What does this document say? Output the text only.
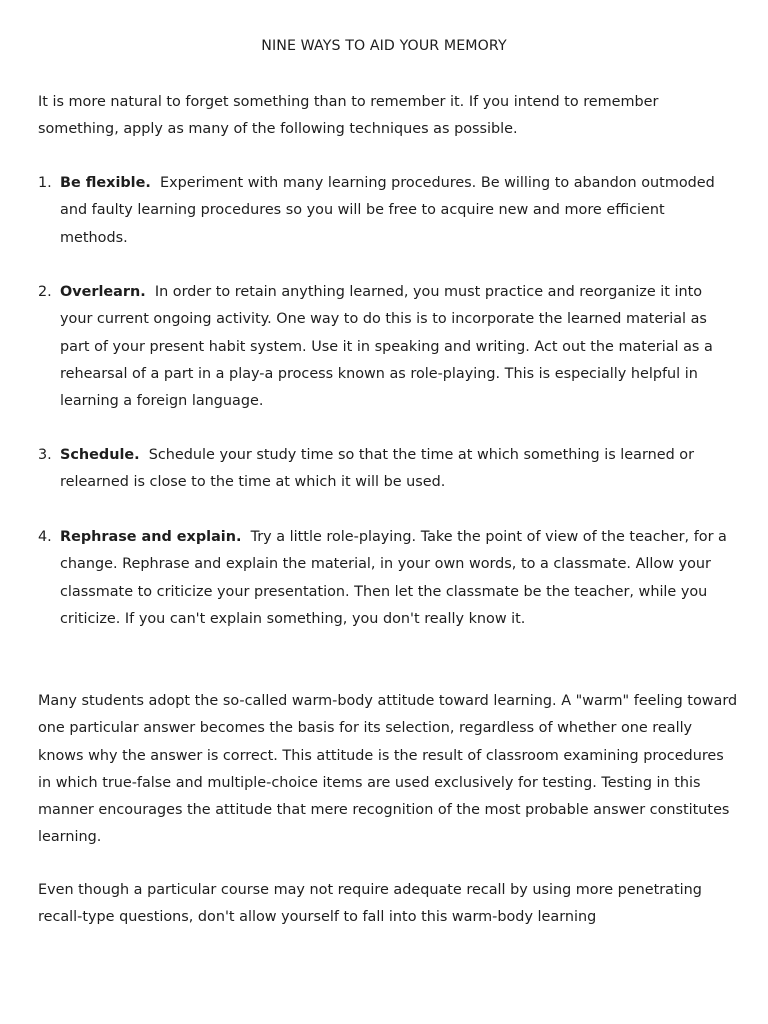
NINE WAYS TO AID YOUR MEMORY

It is more natural to forget something than to remember it. If you intend to remember something, apply as many of the following techniques as possible.

1. Be flexible. Experiment with many learning procedures. Be willing to abandon outmoded and faulty learning procedures so you will be free to acquire new and more efficient methods.
2. Overlearn. In order to retain anything learned, you must practice and reorganize it into your current ongoing activity. One way to do this is to incorporate the learned material as part of your present habit system. Use it in speaking and writing. Act out the material as a rehearsal of a part in a play-a process known as role-playing. This is especially helpful in learning a foreign language.
3. Schedule. Schedule your study time so that the time at which something is learned or relearned is close to the time at which it will be used.
4. Rephrase and explain. Try a little role-playing. Take the point of view of the teacher, for a change. Rephrase and explain the material, in your own words, to a classmate. Allow your classmate to criticize your presentation. Then let the classmate be the teacher, while you criticize. If you can't explain something, you don't really know it.

Many students adopt the so-called warm-body attitude toward learning. A "warm" feeling toward one particular answer becomes the basis for its selection, regardless of whether one really knows why the answer is correct. This attitude is the result of classroom examining procedures in which true-false and multiple-choice items are used exclusively for testing. Testing in this manner encourages the attitude that mere recognition of the most probable answer constitutes learning.

Even though a particular course may not require adequate recall by using more penetrating recall-type questions, don't allow yourself to fall into this warm-body learning
